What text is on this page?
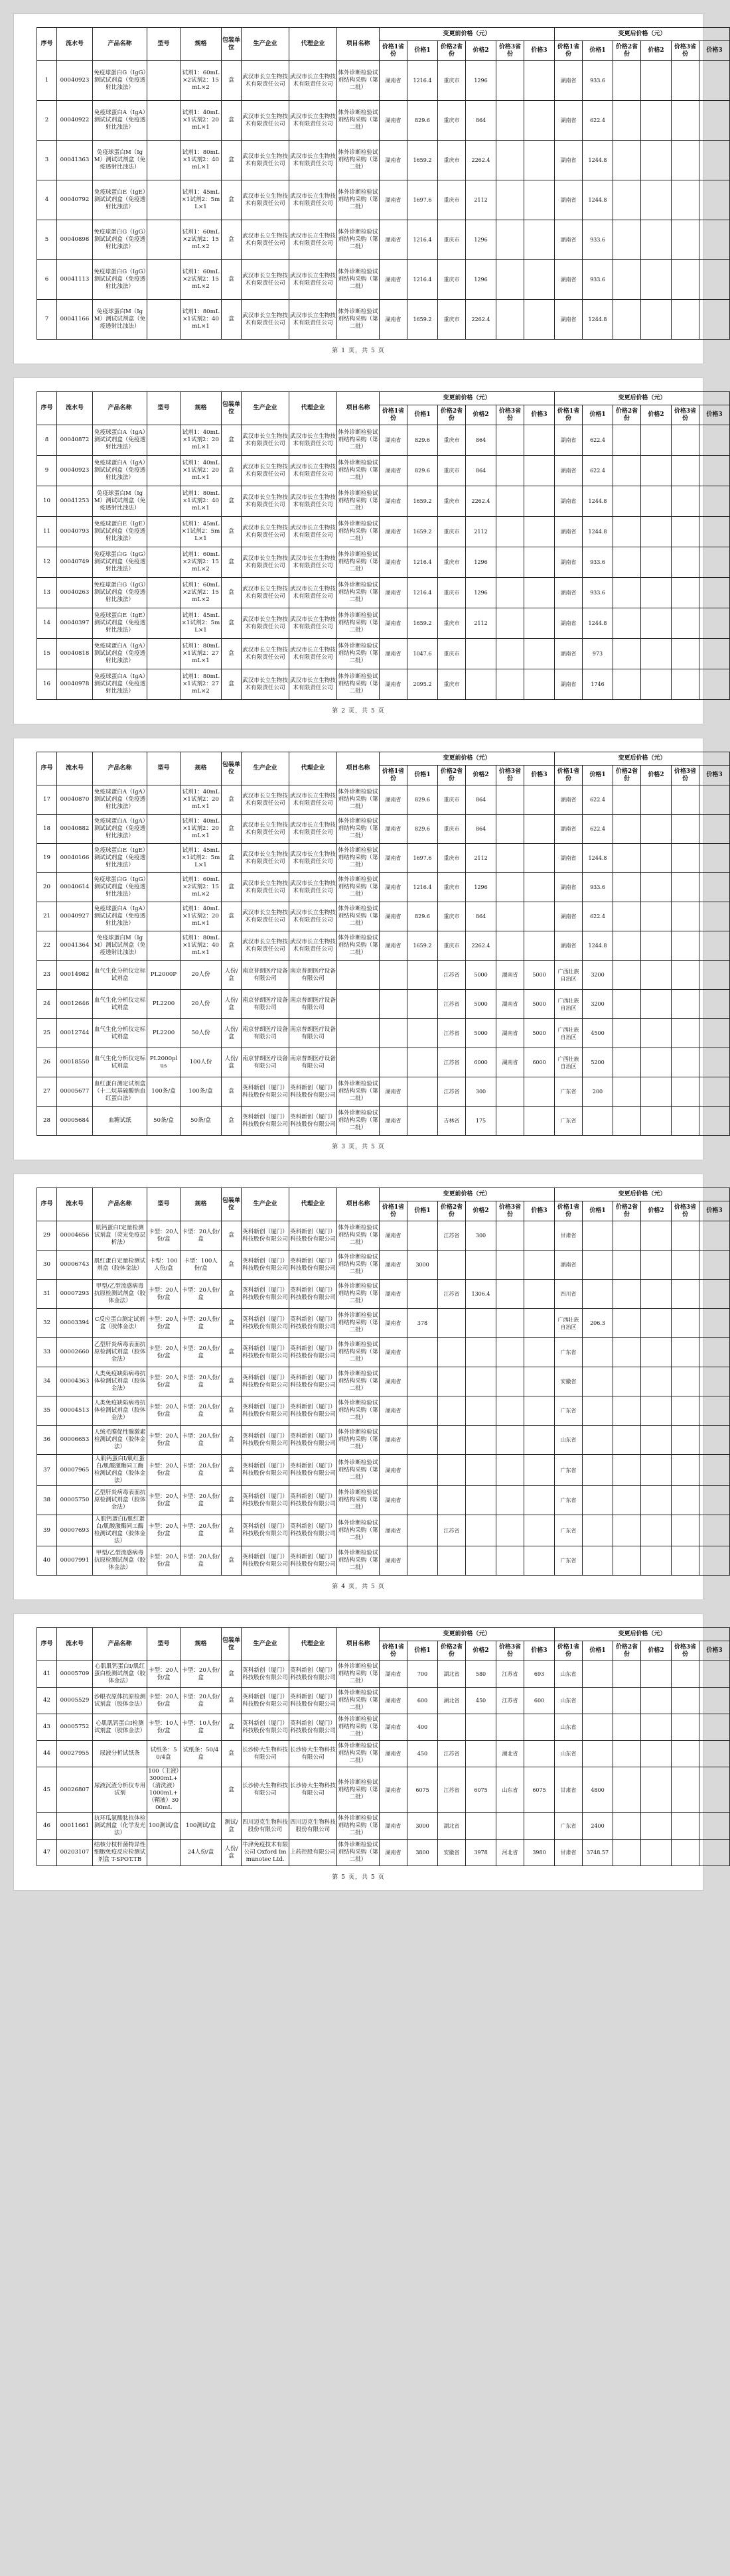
序号	流水号	产品名称	型号	规格	包装单位	生产企业	代理企业	项目名称	变更前价格（元）						变更后价格（元）					
									价格1省份	价格1	价格2省份	价格2	价格3省份	价格3	价格1省份	价格1	价格2省份	价格2	价格3省份	价格3
1	00040923	免疫球蛋白G（IgG）测试试剂盒（免疫透射比浊法）		试剂1：60mL×2试剂2：15mL×2	盒	武汉市长立生物技术有限责任公司	武汉市长立生物技术有限责任公司	体外诊断检验试剂结构采购（第二批）	湖南省	1216.4	重庆市	1296			湖南省	933.6				
2	00040922	免疫球蛋白A（IgA）测试试剂盒（免疫透射比浊法）		试剂1：40mL×1试剂2：20mL×1	盒	武汉市长立生物技术有限责任公司	武汉市长立生物技术有限责任公司	体外诊断检验试剂结构采购（第二批）	湖南省	829.6	重庆市	864			湖南省	622.4				
3	00041363	免疫球蛋白M（IgM）测试试剂盒（免疫透射比浊法）		试剂1：80mL×1试剂2：40mL×1	盒	武汉市长立生物技术有限责任公司	武汉市长立生物技术有限责任公司	体外诊断检验试剂结构采购（第二批）	湖南省	1659.2	重庆市	2262.4			湖南省	1244.8				
4	00040792	免疫球蛋白E（IgE）测试试剂盒（免疫透射比浊法）		试剂1：45mL×1试剂2：5mL×1	盒	武汉市长立生物技术有限责任公司	武汉市长立生物技术有限责任公司	体外诊断检验试剂结构采购（第二批）	湖南省	1697.6	重庆市	2112			湖南省	1244.8				
5	00040898	免疫球蛋白G（IgG）测试试剂盒（免疫透射比浊法）		试剂1：60mL×2试剂2：15mL×2	盒	武汉市长立生物技术有限责任公司	武汉市长立生物技术有限责任公司	体外诊断检验试剂结构采购（第二批）	湖南省	1216.4	重庆市	1296			湖南省	933.6				
6	00041113	免疫球蛋白G（IgG）测试试剂盒（免疫透射比浊法）		试剂1：60mL×2试剂2：15mL×2	盒	武汉市长立生物技术有限责任公司	武汉市长立生物技术有限责任公司	体外诊断检验试剂结构采购（第二批）	湖南省	1216.4	重庆市	1296			湖南省	933.6				
7	00041166	免疫球蛋白M（IgM）测试试剂盒（免疫透射比浊法）		试剂1：80mL×1试剂2：40mL×1	盒	武汉市长立生物技术有限责任公司	武汉市长立生物技术有限责任公司	体外诊断检验试剂结构采购（第二批）	湖南省	1659.2	重庆市	2262.4			湖南省	1244.8				
第 1 页，共 5 页
序号	流水号	产品名称	型号	规格	包装单位	生产企业	代理企业	项目名称	变更前价格（元）						变更后价格（元）					
									价格1省份	价格1	价格2省份	价格2	价格3省份	价格3	价格1省份	价格1	价格2省份	价格2	价格3省份	价格3
8	00040872	免疫球蛋白A（IgA）测试试剂盒（免疫透射比浊法）		试剂1：40mL×1试剂2：20mL×1	盒	武汉市长立生物技术有限责任公司	武汉市长立生物技术有限责任公司	体外诊断检验试剂结构采购（第二批）	湖南省	829.6	重庆市	864			湖南省	622.4				
9	00040923	免疫球蛋白A（IgA）测试试剂盒（免疫透射比浊法）		试剂1：40mL×1试剂2：20mL×1	盒	武汉市长立生物技术有限责任公司	武汉市长立生物技术有限责任公司	体外诊断检验试剂结构采购（第二批）	湖南省	829.6	重庆市	864			湖南省	622.4				
10	00041253	免疫球蛋白M（IgM）测试试剂盒（免疫透射比浊法）		试剂1：80mL×1试剂2：40mL×1	盒	武汉市长立生物技术有限责任公司	武汉市长立生物技术有限责任公司	体外诊断检验试剂结构采购（第二批）	湖南省	1659.2	重庆市	2262.4			湖南省	1244.8				
11	00040793	免疫球蛋白E（IgE）测试试剂盒（免疫透射比浊法）		试剂1：45mL×1试剂2：5mL×1	盒	武汉市长立生物技术有限责任公司	武汉市长立生物技术有限责任公司	体外诊断检验试剂结构采购（第二批）	湖南省	1659.2	重庆市	2112			湖南省	1244.8				
12	00040749	免疫球蛋白G（IgG）测试试剂盒（免疫透射比浊法）		试剂1：60mL×2试剂2：15mL×2	盒	武汉市长立生物技术有限责任公司	武汉市长立生物技术有限责任公司	体外诊断检验试剂结构采购（第二批）	湖南省	1216.4	重庆市	1296			湖南省	933.6				
13	00040263	免疫球蛋白G（IgG）测试试剂盒（免疫透射比浊法）		试剂1：60mL×2试剂2：15mL×2	盒	武汉市长立生物技术有限责任公司	武汉市长立生物技术有限责任公司	体外诊断检验试剂结构采购（第二批）	湖南省	1216.4	重庆市	1296			湖南省	933.6				
14	00040397	免疫球蛋白E（IgE）测试试剂盒（免疫透射比浊法）		试剂1：45mL×1试剂2：5mL×1	盒	武汉市长立生物技术有限责任公司	武汉市长立生物技术有限责任公司	体外诊断检验试剂结构采购（第二批）	湖南省	1659.2	重庆市	2112			湖南省	1244.8				
15	00040818	免疫球蛋白A（IgA）测试试剂盒（免疫透射比浊法）		试剂1：80mL×1试剂2：27mL×1	盒	武汉市长立生物技术有限责任公司	武汉市长立生物技术有限责任公司	体外诊断检验试剂结构采购（第二批）	湖南省	1047.6	重庆市				湖南省	973				
16	00040978	免疫球蛋白A（IgA）测试试剂盒（免疫透射比浊法）		试剂1：80mL×1试剂2：27mL×2	盒	武汉市长立生物技术有限责任公司	武汉市长立生物技术有限责任公司	体外诊断检验试剂结构采购（第二批）	湖南省	2095.2	重庆市				湖南省	1746				
第 2 页，共 5 页
序号	流水号	产品名称	型号	规格	包装单位	生产企业	代理企业	项目名称	变更前价格（元）						变更后价格（元）					
									价格1省份	价格1	价格2省份	价格2	价格3省份	价格3	价格1省份	价格1	价格2省份	价格2	价格3省份	价格3
17	00040870	免疫球蛋白A（IgA）测试试剂盒（免疫透射比浊法）		试剂1：40mL×1试剂2：20mL×1	盒	武汉市长立生物技术有限责任公司	武汉市长立生物技术有限责任公司	体外诊断检验试剂结构采购（第二批）	湖南省	829.6	重庆市	864			湖南省	622.4				
18	00040882	免疫球蛋白A（IgA）测试试剂盒（免疫透射比浊法）		试剂1：40mL×1试剂2：20mL×1	盒	武汉市长立生物技术有限责任公司	武汉市长立生物技术有限责任公司	体外诊断检验试剂结构采购（第二批）	湖南省	829.6	重庆市	864			湖南省	622.4				
19	00040166	免疫球蛋白E（IgE）测试试剂盒（免疫透射比浊法）		试剂1：45mL×1试剂2：5mL×1	盒	武汉市长立生物技术有限责任公司	武汉市长立生物技术有限责任公司	体外诊断检验试剂结构采购（第二批）	湖南省	1697.6	重庆市	2112			湖南省	1244.8				
20	00040614	免疫球蛋白G（IgG）测试试剂盒（免疫透射比浊法）		试剂1：60mL×2试剂2：15mL×2	盒	武汉市长立生物技术有限责任公司	武汉市长立生物技术有限责任公司	体外诊断检验试剂结构采购（第二批）	湖南省	1216.4	重庆市	1296			湖南省	933.6				
21	00040927	免疫球蛋白A（IgA）测试试剂盒（免疫透射比浊法）		试剂1：40mL×1试剂2：20mL×1	盒	武汉市长立生物技术有限责任公司	武汉市长立生物技术有限责任公司	体外诊断检验试剂结构采购（第二批）	湖南省	829.6	重庆市	864			湖南省	622.4				
22	00041364	免疫球蛋白M（IgM）测试试剂盒（免疫透射比浊法）		试剂1：80mL×1试剂2：40mL×1	盒	武汉市长立生物技术有限责任公司	武汉市长立生物技术有限责任公司	体外诊断检验试剂结构采购（第二批）	湖南省	1659.2	重庆市	2262.4			湖南省	1244.8				
23	00014982	血气生化分析仪定标试剂盒	PL2000P	20人份	人份/盒	南京普朗医疗设备有限公司	南京普朗医疗设备有限公司				江苏省	5000	湖南省	5000	广西壮族自治区	3200				
24	00012646	血气生化分析仪定标试剂盒	PL2200	20人份	人份/盒	南京普朗医疗设备有限公司	南京普朗医疗设备有限公司				江苏省	5000	湖南省	5000	广西壮族自治区	3200				
25	00012744	血气生化分析仪定标试剂盒	PL2200	50人份	人份/盒	南京普朗医疗设备有限公司	南京普朗医疗设备有限公司				江苏省	5000	湖南省	5000	广西壮族自治区	4500				
26	00018550	血气生化分析仪定标试剂盒	PL2000plus	100人份	人份/盒	南京普朗医疗设备有限公司	南京普朗医疗设备有限公司				江苏省	6000	湖南省	6000	广西壮族自治区	5200				
27	00005677	血红蛋白测定试剂盒（十二烷基硫酸钠血红蛋白法）	100条/盒	100条/盒	盒	英科新创（厦门）科技股份有限公司	英科新创（厦门）科技股份有限公司	体外诊断检验试剂结构采购（第二批）	湖南省		江苏省	300			广东省	200				
28	00005684	血糖试纸	50条/盒	50条/盒	盒	英科新创（厦门）科技股份有限公司	英科新创（厦门）科技股份有限公司	体外诊断检验试剂结构采购（第二批）	湖南省		吉林省	175			广东省					
第 3 页，共 5 页
序号	流水号	产品名称	型号	规格	包装单位	生产企业	代理企业	项目名称	变更前价格（元）						变更后价格（元）					
									价格1省份	价格1	价格2省份	价格2	价格3省份	价格3	价格1省份	价格1	价格2省份	价格2	价格3省份	价格3
29	00004656	肌钙蛋白I定量检测试剂盒（荧光免疫层析法）	卡型：20人份/盒	卡型：20人份/盒	盒	英科新创（厦门）科技股份有限公司	英科新创（厦门）科技股份有限公司	体外诊断检验试剂结构采购（第二批）	湖南省		江苏省	300			甘肃省					
30	00006743	肌红蛋白定量检测试剂盒（胶体金法）	卡型：100人份/盒	卡型：100人份/盒	盒	英科新创（厦门）科技股份有限公司	英科新创（厦门）科技股份有限公司	体外诊断检验试剂结构采购（第二批）	湖南省	3000					湖南省					
31	00007293	甲型/乙型流感病毒抗原检测试剂盒（胶体金法）	卡型：20人份/盒	卡型：20人份/盒	盒	英科新创（厦门）科技股份有限公司	英科新创（厦门）科技股份有限公司	体外诊断检验试剂结构采购（第二批）	湖南省		江苏省	1306.4			四川省					
32	00003394	C反应蛋白测定试剂盒（胶体金法）	卡型：20人份/盒	卡型：20人份/盒	盒	英科新创（厦门）科技股份有限公司	英科新创（厦门）科技股份有限公司	体外诊断检验试剂结构采购（第二批）	湖南省	378					广西壮族自治区	206.3				
33	00002660	乙型肝炎病毒表面抗原检测试剂盒（胶体金法）	卡型：20人份/盒	卡型：20人份/盒	盒	英科新创（厦门）科技股份有限公司	英科新创（厦门）科技股份有限公司	体外诊断检验试剂结构采购（第二批）	湖南省						广东省					
34	00004363	人类免疫缺陷病毒抗体检测试剂盒（胶体金法）	卡型：20人份/盒	卡型：20人份/盒	盒	英科新创（厦门）科技股份有限公司	英科新创（厦门）科技股份有限公司	体外诊断检验试剂结构采购（第二批）	湖南省						安徽省					
35	00004513	人类免疫缺陷病毒抗体检测试剂盒（胶体金法）	卡型：20人份/盒	卡型：20人份/盒	盒	英科新创（厦门）科技股份有限公司	英科新创（厦门）科技股份有限公司	体外诊断检验试剂结构采购（第二批）	湖南省						广东省					
36	00006653	人绒毛膜促性腺激素检测试剂盒（胶体金法）	卡型：20人份/盒	卡型：20人份/盒	盒	英科新创（厦门）科技股份有限公司	英科新创（厦门）科技股份有限公司	体外诊断检验试剂结构采购（第二批）	湖南省						山东省					
37	00007965	人肌钙蛋白I/肌红蛋白/肌酸激酶同工酶检测试剂盒（胶体金法）	卡型：20人份/盒	卡型：20人份/盒	盒	英科新创（厦门）科技股份有限公司	英科新创（厦门）科技股份有限公司	体外诊断检验试剂结构采购（第二批）	湖南省						广东省					
38	00005750	乙型肝炎病毒表面抗原检测试剂盒（胶体金法）	卡型：20人份/盒	卡型：20人份/盒	盒	英科新创（厦门）科技股份有限公司	英科新创（厦门）科技股份有限公司	体外诊断检验试剂结构采购（第二批）	湖南省						广东省					
39	00007693	人肌钙蛋白I/肌红蛋白/肌酸激酶同工酶检测试剂盒（胶体金法）	卡型：20人份/盒	卡型：20人份/盒	盒	英科新创（厦门）科技股份有限公司	英科新创（厦门）科技股份有限公司	体外诊断检验试剂结构采购（第二批）	湖南省		江苏省				广东省					
40	00007991	甲型/乙型流感病毒抗原检测试剂盒（胶体金法）	卡型：20人份/盒	卡型：20人份/盒	盒	英科新创（厦门）科技股份有限公司	英科新创（厦门）科技股份有限公司	体外诊断检验试剂结构采购（第二批）	湖南省						广东省					
第 4 页，共 5 页
序号	流水号	产品名称	型号	规格	包装单位	生产企业	代理企业	项目名称	变更前价格（元）						变更后价格（元）					
									价格1省份	价格1	价格2省份	价格2	价格3省份	价格3	价格1省份	价格1	价格2省份	价格2	价格3省份	价格3
41	00005709	心肌肌钙蛋白I/肌红蛋白检测试剂盒（胶体金法）	卡型：20人份/盒	卡型：20人份/盒	盒	英科新创（厦门）科技股份有限公司	英科新创（厦门）科技股份有限公司	体外诊断检验试剂结构采购（第二批）	湖南省	700	湖北省	580	江苏省	693	山东省					
42	00005529	沙眼衣原体抗原检测试剂盒（胶体金法）	卡型：20人份/盒	卡型：20人份/盒	盒	英科新创（厦门）科技股份有限公司	英科新创（厦门）科技股份有限公司	体外诊断检验试剂结构采购（第二批）	湖南省	600	湖北省	450	江苏省	600	山东省					
43	00005752	心肌肌钙蛋白I检测试剂盒（胶体金法）	卡型：10人份/盒	卡型：10人份/盒	盒	英科新创（厦门）科技股份有限公司	英科新创（厦门）科技股份有限公司	体外诊断检验试剂结构采购（第二批）	湖南省	400					山东省					
44	00027955	尿液分析试纸条	试纸条：50/4盒	试纸条：50/4盒	盒	长沙协大生物科技有限公司	长沙协大生物科技有限公司	体外诊断检验试剂结构采购（第二批）	湖南省	450	江苏省		湖北省		山东省					
45	00026807	尿液沉渣分析仪专用试剂	100（主液）3000mL+（清洗液）1000mL+（鞘液）3000mL		盒	长沙协大生物科技有限公司	长沙协大生物科技有限公司	体外诊断检验试剂结构采购（第二批）	湖南省	6075	江苏省	6075	山东省	6075	甘肃省	4800				
46	00011661	抗环瓜氨酸肽抗体检测试剂盒（化学发光法）	100测试/盒	100测试/盒	测试/盒	四川迈克生物科技股份有限公司	四川迈克生物科技股份有限公司	体外诊断检验试剂结构采购（第二批）	湖南省	3000	湖北省				广东省	2400				
47	00203107	结核分枝杆菌特异性细胞免疫反应检测试剂盒 T-SPOT.TB		24人份/盒	人份/盒	牛津免疫技术有限公司 Oxford Immunotec Ltd.	上药控股有限公司	体外诊断检验试剂结构采购（第二批）	湖南省	3800	安徽省	3978	河北省	3980	甘肃省	3748.57				
第 5 页，共 5 页
